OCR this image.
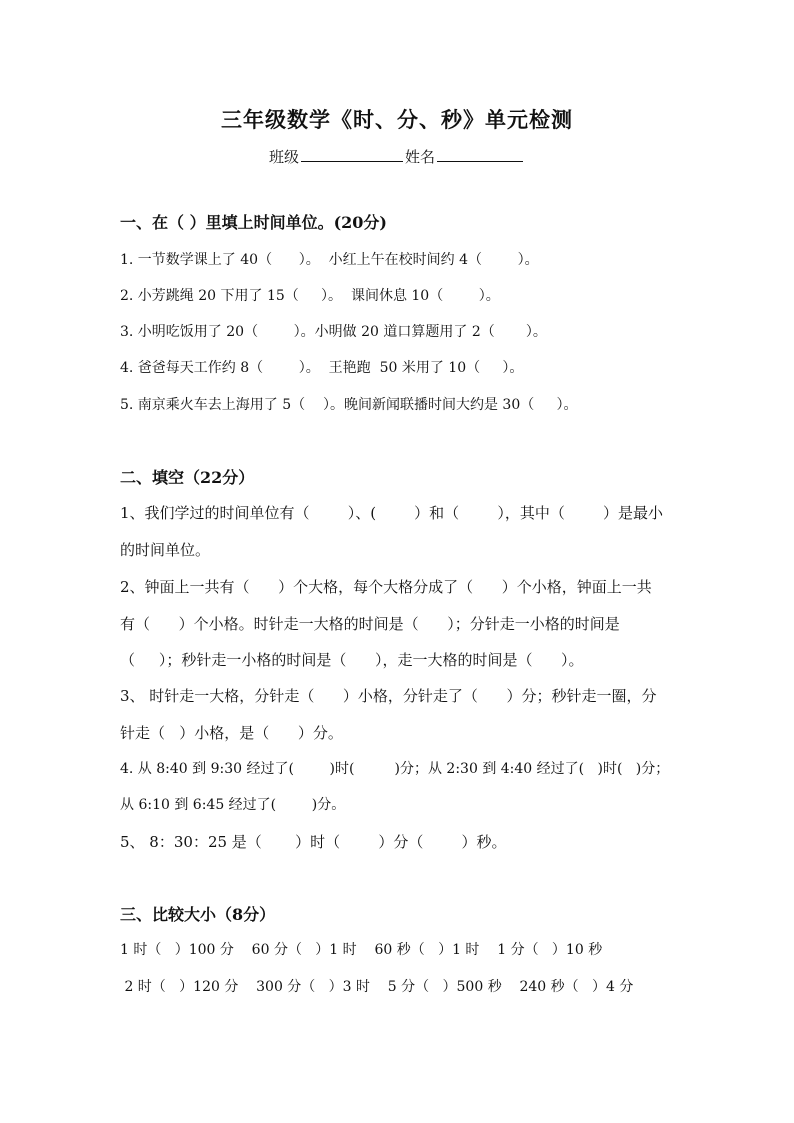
三年级数学《时、分、秒》单元检测
班级	姓名
一、在（ ）里填上时间单位。(20分)
1. 一节数学课上了 40（      ）。  小红上午在校时间约 4（        ）。
2. 小芳跳绳 20 下用了 15（     ）。  课间休息 10（        ）。
3. 小明吃饭用了 20（        ）。小明做 20 道口算题用了 2（       ）。
4. 爸爸每天工作约 8（        ）。  王艳跑  50 米用了 10（     ）。
5. 南京乘火车去上海用了 5（    ）。晚间新闻联播时间大约是 30（     ）。
二、填空（22分）
1、我们学过的时间单位有（        ）、(        ）和（        ），其中（        ）是最小
的时间单位。
2、钟面上一共有（      ）个大格，每个大格分成了（      ）个小格，钟面上一共
有（      ）个小格。时针走一大格的时间是（      ）；分针走一小格的时间是
（     ）；秒针走一小格的时间是（      ），走一大格的时间是（      ）。
3、 时针走一大格，分针走（      ）小格，分针走了（      ）分；秒针走一圈，分
针走（   ）小格，是（      ）分。
4. 从 8:40 到 9:30 经过了(        )时(         )分；从 2:30 到 4:40 经过了(   )时(   )分；
从 6:10 到 6:45 经过了(        )分。
5、 8：30：25 是（       ）时（        ）分（        ）秒。
三、比较大小（8分）
1 时（   ）100 分    60 分（   ）1 时    60 秒（   ）1 时    1 分（   ）10 秒
2 时（   ）120 分    300 分（   ）3 时    5 分（   ）500 秒    240 秒（   ）4 分
